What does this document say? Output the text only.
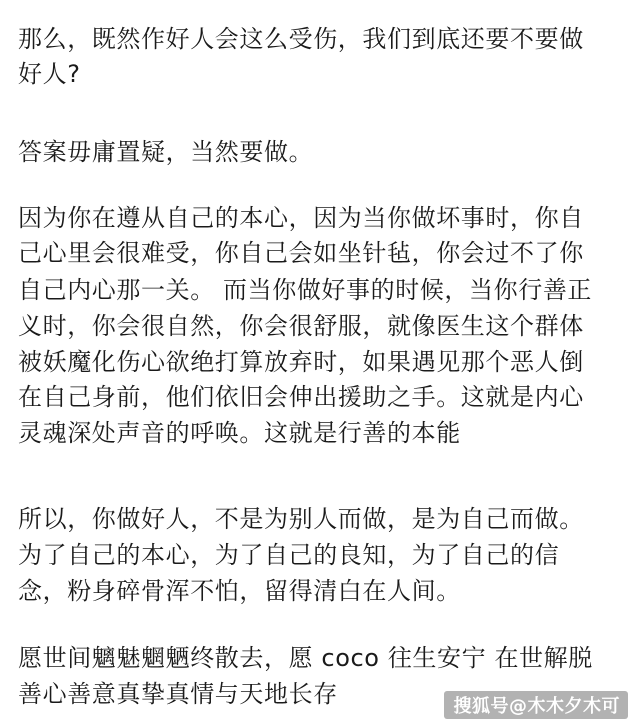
那么，既然作好人会这么受伤，我们到底还要不要做
好人?
答案毋庸置疑，当然要做。
因为你在遵从自己的本心，因为当你做坏事时，你自
己心里会很难受，你自己会如坐针毡，你会过不了你
自己内心那一关。 而当你做好事的时候，当你行善正
义时，你会很自然，你会很舒服，就像医生这个群体
被妖魔化伤心欲绝打算放弃时，如果遇见那个恶人倒
在自己身前，他们依旧会伸出援助之手。这就是内心
灵魂深处声音的呼唤。这就是行善的本能
所以，你做好人，不是为别人而做，是为自己而做。
为了自己的本心，为了自己的良知，为了自己的信
念，粉身碎骨浑不怕，留得清白在人间。
愿世间魑魅魍魉终散去，愿 coco 往生安宁 在世解脱
善心善意真挚真情与天地长存	搜狐号@木木夕木可
